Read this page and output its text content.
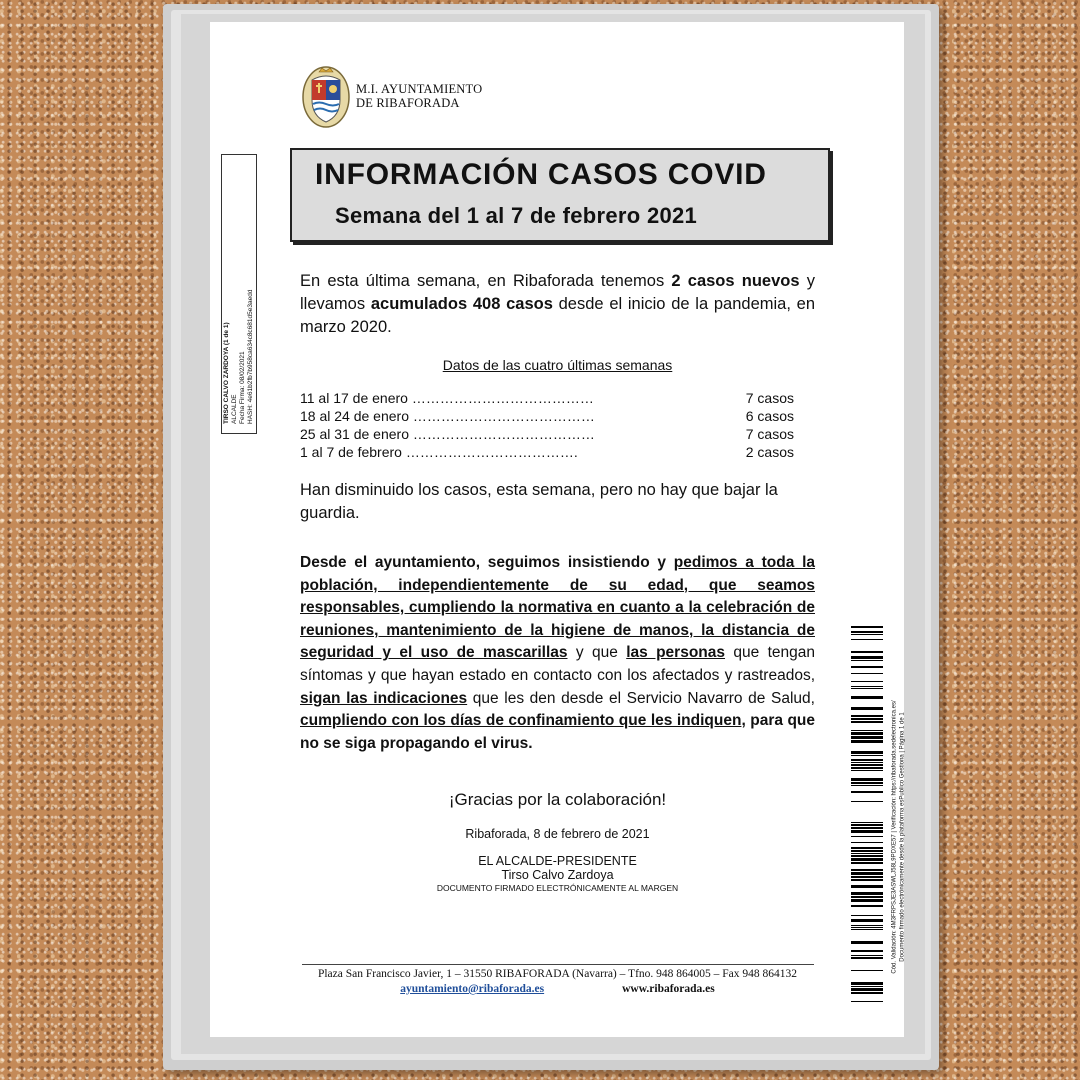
M.I. AYUNTAMIENTO
DE RIBAFORADA
TIRSO CALVO ZARDOYA (1 de 1) ALCALDE Fecha Firma: 08/02/2021 HASH: 4e61b2fb7b958ca634c8c681d5e3aedd
INFORMACIÓN CASOS COVID
Semana del 1 al 7 de febrero 2021
En esta última semana, en Ribaforada tenemos 2 casos nuevos y llevamos acumulados 408 casos desde el inicio de la pandemia, en marzo 2020.
Datos de las cuatro últimas semanas
11 al 17 de enero …………………………………	7 casos
18 al 24 de enero …………………………………	6 casos
25 al 31 de enero …………………………………	7 casos
1 al 7 de febrero ……………………………….	2 casos
Han disminuido los casos, esta semana, pero no hay que bajar la guardia.
Desde el ayuntamiento, seguimos insistiendo y pedimos a toda la población, independientemente de su edad, que seamos responsables, cumpliendo la normativa en cuanto a la celebración de reuniones, mantenimiento de la higiene de manos, la distancia de seguridad y el uso de mascarillas y que las personas que tengan síntomas y que hayan estado en contacto con los afectados y rastreados, sigan las indicaciones que les den desde el Servicio Navarro de Salud, cumpliendo con los días de confinamiento que les indiquen, para que no se siga propagando el virus.
¡Gracias por la colaboración!
Ribaforada, 8 de febrero de 2021
EL ALCALDE-PRESIDENTE
Tirso Calvo Zardoya
DOCUMENTO FIRMADO ELECTRÓNICAMENTE AL MARGEN
Plaza San Francisco Javier, 1 – 31550 RIBAFORADA (Navarra) – Tfno. 948 864005 – Fax 948 864132
ayuntamiento@ribaforada.es	www.ribaforada.es
Cód. Validación: 4M3FRPSJE3ASWLJ58L9PDXE57 | Verificación: https://ribaforada.sedelectronica.es/ Documento firmado electrónicamente desde la plataforma esPublico Gestiona | Página 1 de 1
